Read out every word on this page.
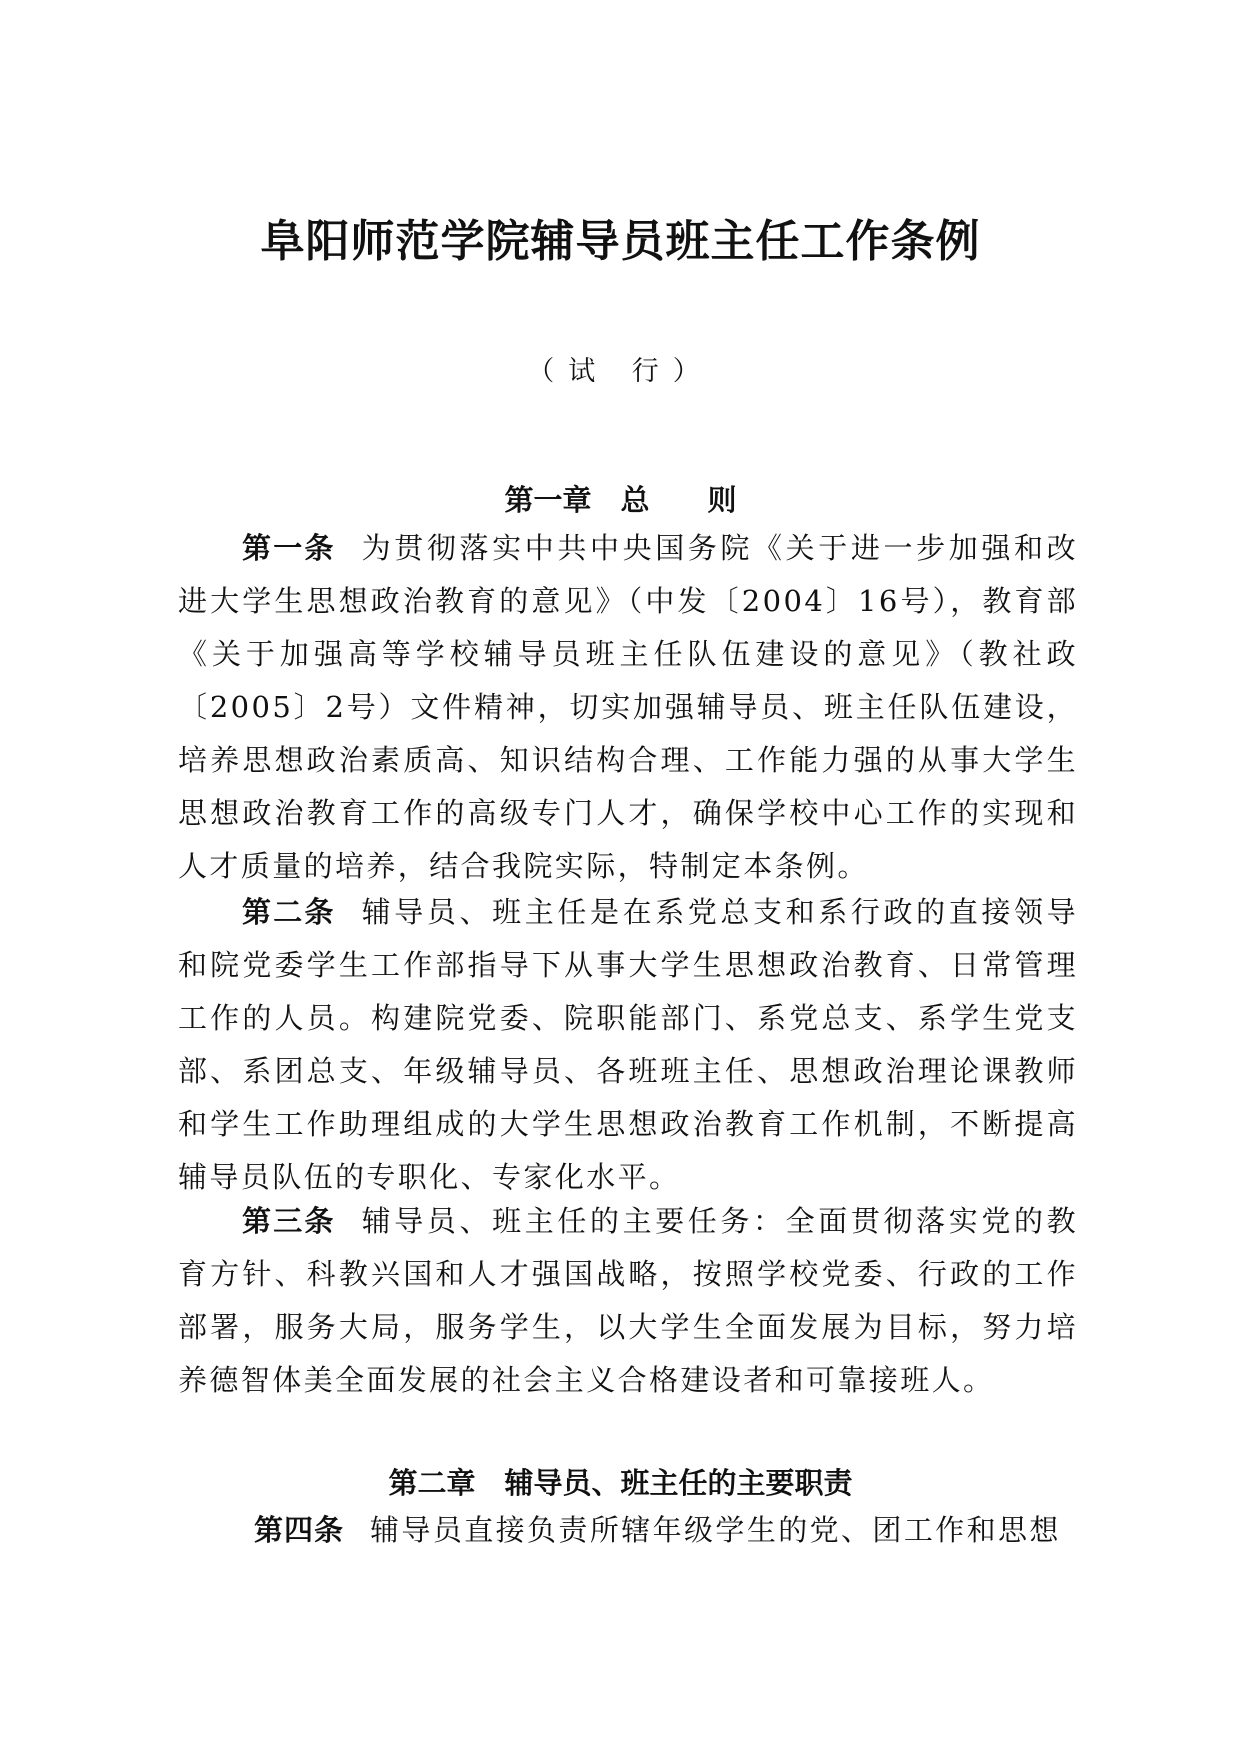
阜阳师范学院辅导员班主任工作条例
（试 行）
第一章　总　　则

第一条 为贯彻落实中共中央国务院《关于进一步加强和改进大学生思想政治教育的意见》（中发〔2004〕16号），教育部《关于加强高等学校辅导员班主任队伍建设的意见》（教社政〔2005〕2号）文件精神，切实加强辅导员、班主任队伍建设，培养思想政治素质高、知识结构合理、工作能力强的从事大学生思想政治教育工作的高级专门人才，确保学校中心工作的实现和人才质量的培养，结合我院实际，特制定本条例。

第二条 辅导员、班主任是在系党总支和系行政的直接领导和院党委学生工作部指导下从事大学生思想政治教育、日常管理工作的人员。构建院党委、院职能部门、系党总支、系学生党支部、系团总支、年级辅导员、各班班主任、思想政治理论课教师和学生工作助理组成的大学生思想政治教育工作机制，不断提高辅导员队伍的专职化、专家化水平。

第三条 辅导员、班主任的主要任务：全面贯彻落实党的教育方针、科教兴国和人才强国战略，按照学校党委、行政的工作部署，服务大局，服务学生，以大学生全面发展为目标，努力培养德智体美全面发展的社会主义合格建设者和可靠接班人。

第二章　辅导员、班主任的主要职责

第四条 辅导员直接负责所辖年级学生的党、团工作和思想
